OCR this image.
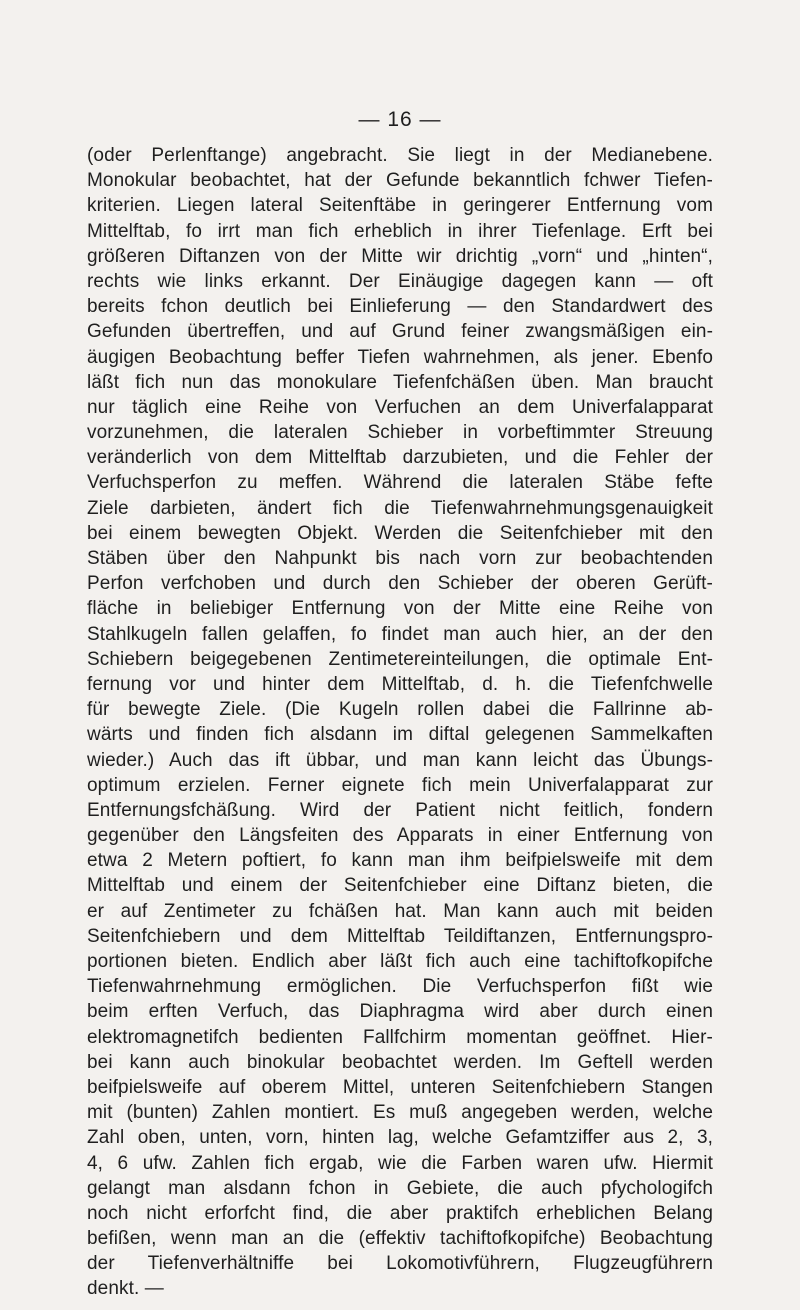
— 16 —
(oder Perlenftange) angebracht. Sie liegt in der Medianebene.
Monokular beobachtet, hat der Gefunde bekanntlich fchwer Tiefen-
kriterien. Liegen lateral Seitenftäbe in geringerer Entfernung vom
Mittelftab, fo irrt man fich erheblich in ihrer Tiefenlage. Erft bei
größeren Diftanzen von der Mitte wir drichtig „vorn“ und „hinten“,
rechts wie links erkannt. Der Einäugige dagegen kann — oft
bereits fchon deutlich bei Einlieferung — den Standardwert des
Gefunden übertreffen, und auf Grund feiner zwangsmäßigen ein-
äugigen Beobachtung beffer Tiefen wahrnehmen, als jener. Ebenfo
läßt fich nun das monokulare Tiefenfchäßen üben. Man braucht
nur täglich eine Reihe von Verfuchen an dem Univerfalapparat
vorzunehmen, die lateralen Schieber in vorbeftimmter Streuung
veränderlich von dem Mittelftab darzubieten, und die Fehler der
Verfuchsperfon zu meffen. Während die lateralen Stäbe fefte
Ziele darbieten, ändert fich die Tiefenwahrnehmungsgenauigkeit
bei einem bewegten Objekt. Werden die Seitenfchieber mit den
Stäben über den Nahpunkt bis nach vorn zur beobachtenden
Perfon verfchoben und durch den Schieber der oberen Gerüft-
fläche in beliebiger Entfernung von der Mitte eine Reihe von
Stahlkugeln fallen gelaffen, fo findet man auch hier, an der den
Schiebern beigegebenen Zentimetereinteilungen, die optimale Ent-
fernung vor und hinter dem Mittelftab, d. h. die Tiefenfchwelle
für bewegte Ziele. (Die Kugeln rollen dabei die Fallrinne ab-
wärts und finden fich alsdann im diftal gelegenen Sammelkaften
wieder.) Auch das ift übbar, und man kann leicht das Übungs-
optimum erzielen. Ferner eignete fich mein Univerfalapparat zur
Entfernungsfchäßung. Wird der Patient nicht feitlich, fondern
gegenüber den Längsfeiten des Apparats in einer Entfernung von
etwa 2 Metern poftiert, fo kann man ihm beifpielsweife mit dem
Mittelftab und einem der Seitenfchieber eine Diftanz bieten, die
er auf Zentimeter zu fchäßen hat. Man kann auch mit beiden
Seitenfchiebern und dem Mittelftab Teildiftanzen, Entfernungspro-
portionen bieten. Endlich aber läßt fich auch eine tachiftofkopifche
Tiefenwahrnehmung ermöglichen. Die Verfuchsperfon fißt wie
beim erften Verfuch, das Diaphragma wird aber durch einen
elektromagnetifch bedienten Fallfchirm momentan geöffnet. Hier-
bei kann auch binokular beobachtet werden. Im Geftell werden
beifpielsweife auf oberem Mittel, unteren Seitenfchiebern Stangen
mit (bunten) Zahlen montiert. Es muß angegeben werden, welche
Zahl oben, unten, vorn, hinten lag, welche Gefamtziffer aus 2, 3,
4, 6 ufw. Zahlen fich ergab, wie die Farben waren ufw. Hiermit
gelangt man alsdann fchon in Gebiete, die auch pfychologifch
noch nicht erforfcht find, die aber praktifch erheblichen Belang
befißen, wenn man an die (effektiv tachiftofkopifche) Beobachtung
der Tiefenverhältniffe bei Lokomotivführern, Flugzeugführern
denkt. —
